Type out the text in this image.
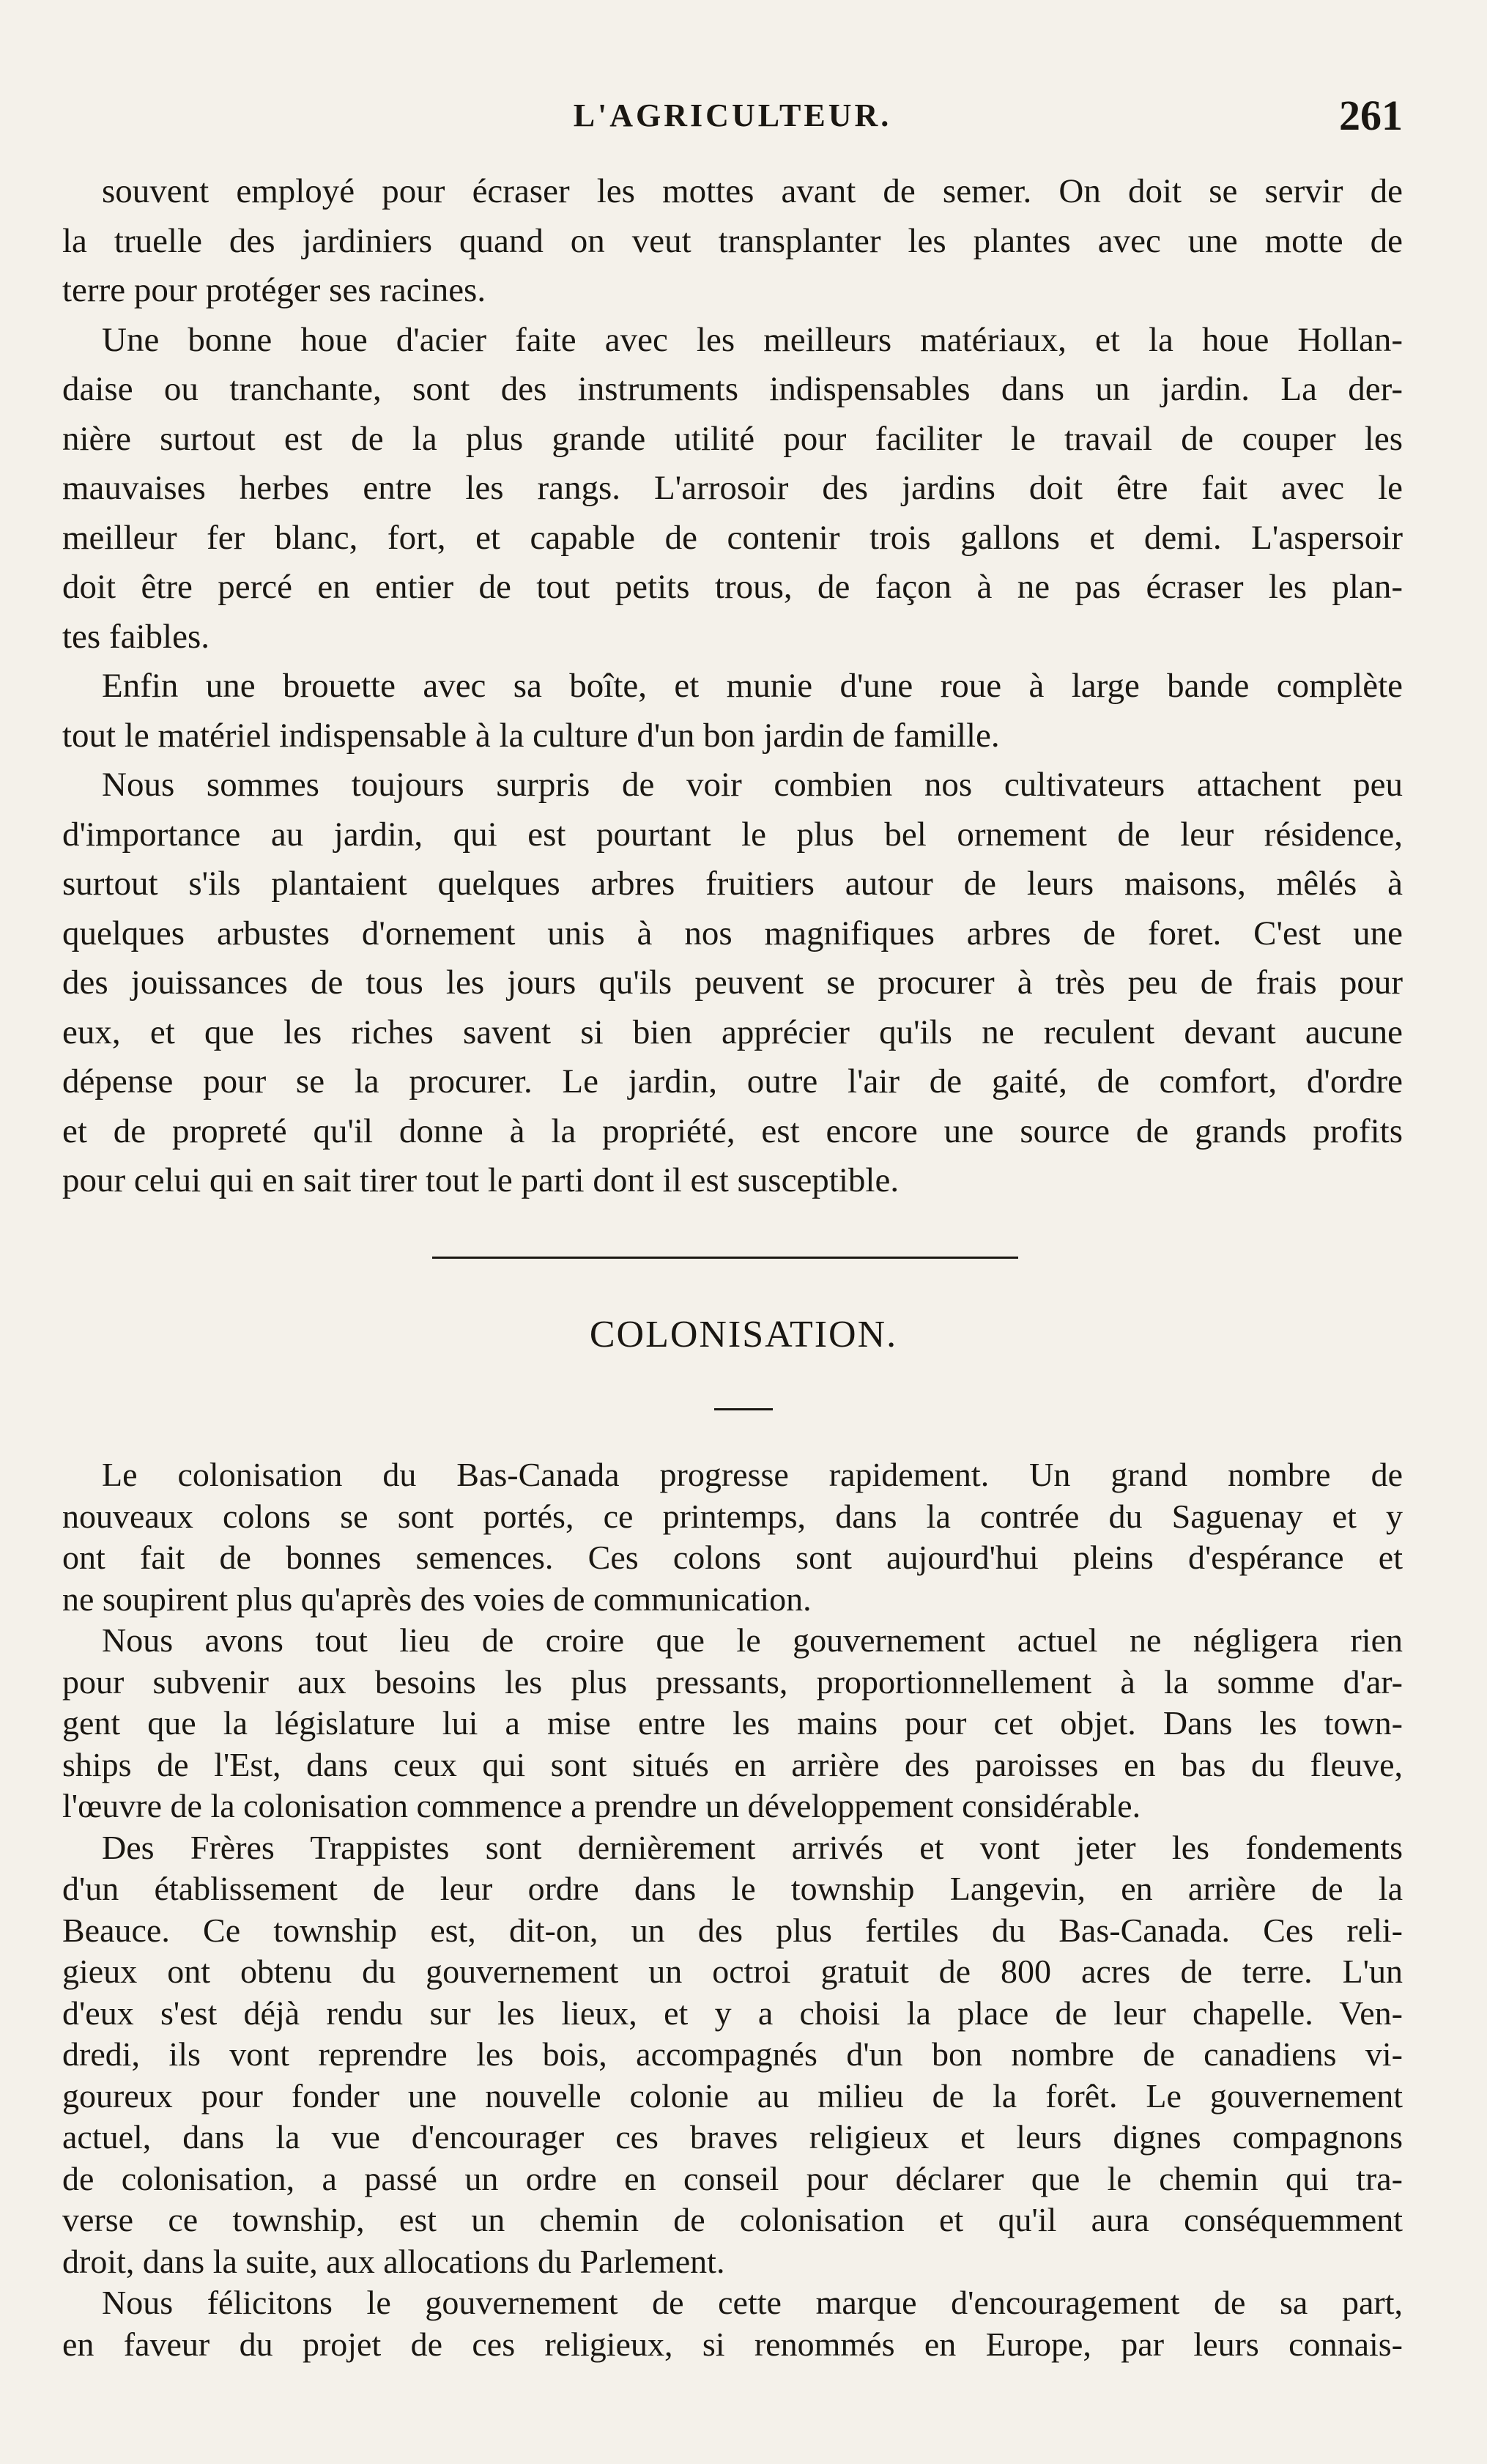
L'AGRICULTEUR.	261
souvent employé pour écraser les mottes avant de semer. On doit se servir de
la truelle des jardiniers quand on veut transplanter les plantes avec une motte de
terre pour protéger ses racines.
Une bonne houe d'acier faite avec les meilleurs matériaux, et la houe Hollan-
daise ou tranchante, sont des instruments indispensables dans un jardin. La der-
nière surtout est de la plus grande utilité pour faciliter le travail de couper les
mauvaises herbes entre les rangs. L'arrosoir des jardins doit être fait avec le
meilleur fer blanc, fort, et capable de contenir trois gallons et demi. L'aspersoir
doit être percé en entier de tout petits trous, de façon à ne pas écraser les plan-
tes faibles.
Enfin une brouette avec sa boîte, et munie d'une roue à large bande complète
tout le matériel indispensable à la culture d'un bon jardin de famille.
Nous sommes toujours surpris de voir combien nos cultivateurs attachent peu
d'importance au jardin, qui est pourtant le plus bel ornement de leur résidence,
surtout s'ils plantaient quelques arbres fruitiers autour de leurs maisons, mêlés à
quelques arbustes d'ornement unis à nos magnifiques arbres de foret. C'est une
des jouissances de tous les jours qu'ils peuvent se procurer à très peu de frais pour
eux, et que les riches savent si bien apprécier qu'ils ne reculent devant aucune
dépense pour se la procurer. Le jardin, outre l'air de gaité, de comfort, d'ordre
et de propreté qu'il donne à la propriété, est encore une source de grands profits
pour celui qui en sait tirer tout le parti dont il est susceptible.
COLONISATION.
Le colonisation du Bas-Canada progresse rapidement. Un grand nombre de
nouveaux colons se sont portés, ce printemps, dans la contrée du Saguenay et y
ont fait de bonnes semences. Ces colons sont aujourd'hui pleins d'espérance et
ne soupirent plus qu'après des voies de communication.
Nous avons tout lieu de croire que le gouvernement actuel ne négligera rien
pour subvenir aux besoins les plus pressants, proportionnellement à la somme d'ar-
gent que la législature lui a mise entre les mains pour cet objet. Dans les town-
ships de l'Est, dans ceux qui sont situés en arrière des paroisses en bas du fleuve,
l'œuvre de la colonisation commence a prendre un développement considérable.
Des Frères Trappistes sont dernièrement arrivés et vont jeter les fondements
d'un établissement de leur ordre dans le township Langevin, en arrière de la
Beauce. Ce township est, dit-on, un des plus fertiles du Bas-Canada. Ces reli-
gieux ont obtenu du gouvernement un octroi gratuit de 800 acres de terre. L'un
d'eux s'est déjà rendu sur les lieux, et y a choisi la place de leur chapelle. Ven-
dredi, ils vont reprendre les bois, accompagnés d'un bon nombre de canadiens vi-
goureux pour fonder une nouvelle colonie au milieu de la forêt. Le gouvernement
actuel, dans la vue d'encourager ces braves religieux et leurs dignes compagnons
de colonisation, a passé un ordre en conseil pour déclarer que le chemin qui tra-
verse ce township, est un chemin de colonisation et qu'il aura conséquemment
droit, dans la suite, aux allocations du Parlement.
Nous félicitons le gouvernement de cette marque d'encouragement de sa part,
en faveur du projet de ces religieux, si renommés en Europe, par leurs connais-
